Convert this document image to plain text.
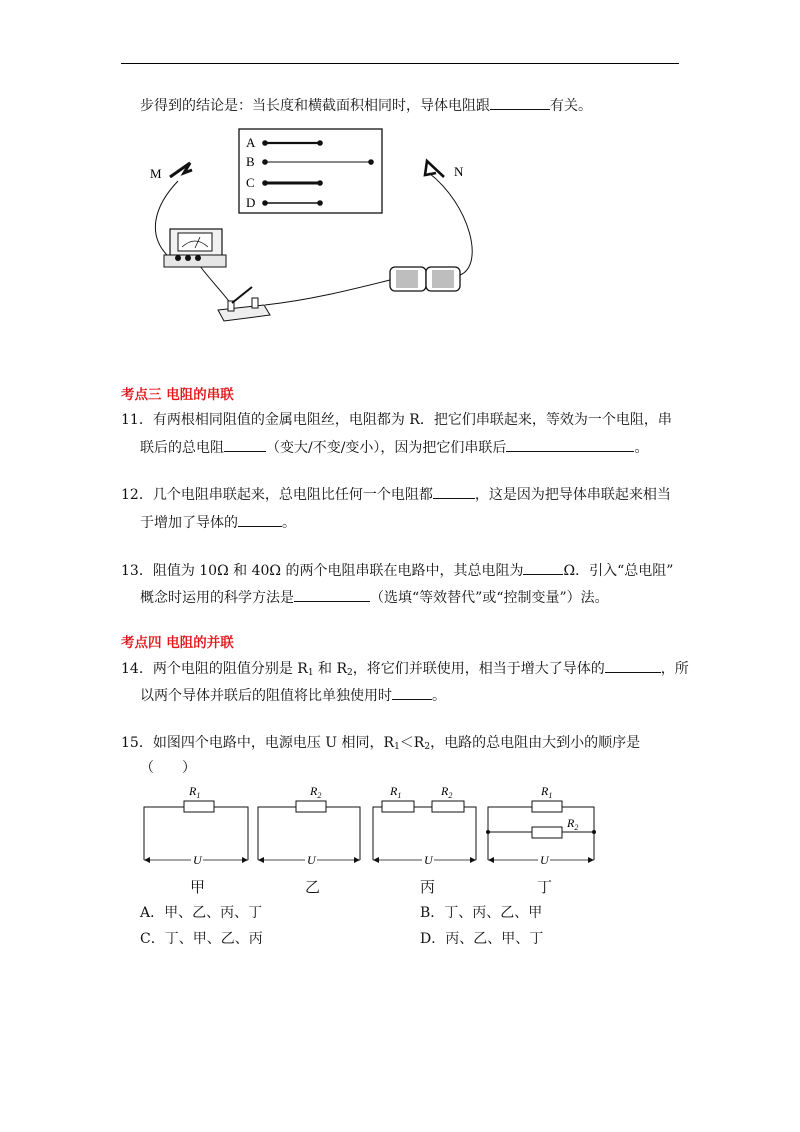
步得到的结论是：当长度和横截面积相同时，导体电阻跟	有关。
A
B
C
D
M	N
考点三 电阻的串联
11．有两根相同阻值的金属电阻丝，电阻都为 R．把它们串联起来，等效为一个电阻，串
联后的总电阻	（变大/不变/变小），因为把它们串联后	。
12．几个电阻串联起来，总电阻比任何一个电阻都	，这是因为把导体串联起来相当
于增加了导体的	。
13．阻值为 10Ω 和 40Ω 的两个电阻串联在电路中，其总电阻为	Ω．引入“总电阻”
概念时运用的科学方法是	（选填“等效替代”或“控制变量”）法。
考点四 电阻的并联
14．两个电阻的阻值分别是 $R_1$ 和 $R_2$，将它们并联使用，相当于增大了导体的	，所
以两个导体并联后的阻值将比单独使用时	。
15．如图四个电路中，电源电压 U 相同，$R_1<R_2$，电路的总电阻由大到小的顺序是
（　　）
$R_1$
U
$R_2$
U
$R_1$	$R_2$
U
$R_1$
$R_2$
U
甲	乙	丙	丁
A．甲、乙、丙、丁	B．丁、丙、乙、甲
C．丁、甲、乙、丙	D．丙、乙、甲、丁
